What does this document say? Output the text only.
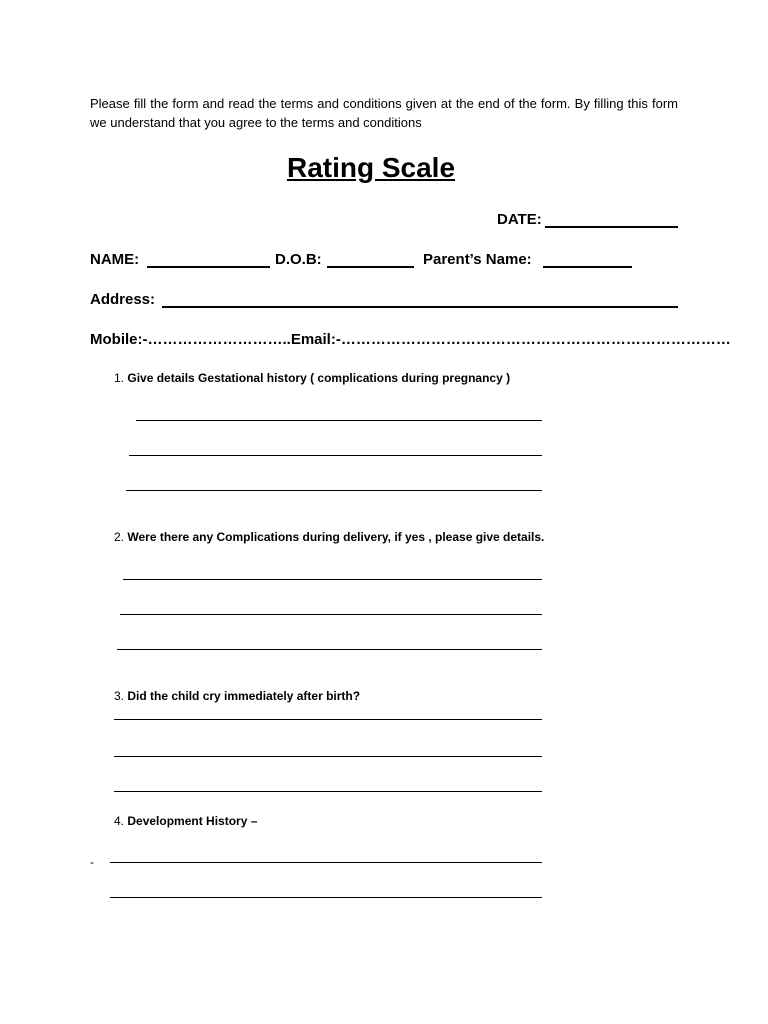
Please fill the form and read the terms and conditions given at the end of the form. By filling this form we understand that you agree to the terms and conditions
Rating Scale
DATE:
NAME:	D.O.B:	Parent’s Name:
Address:
Mobile:-………………………..Email:-……………………………………………………………………
1. Give details Gestational history ( complications during pregnancy )
2. Were there any Complications during delivery, if yes , please give details.
3. Did the child cry immediately after birth?
4. Development History –
-
